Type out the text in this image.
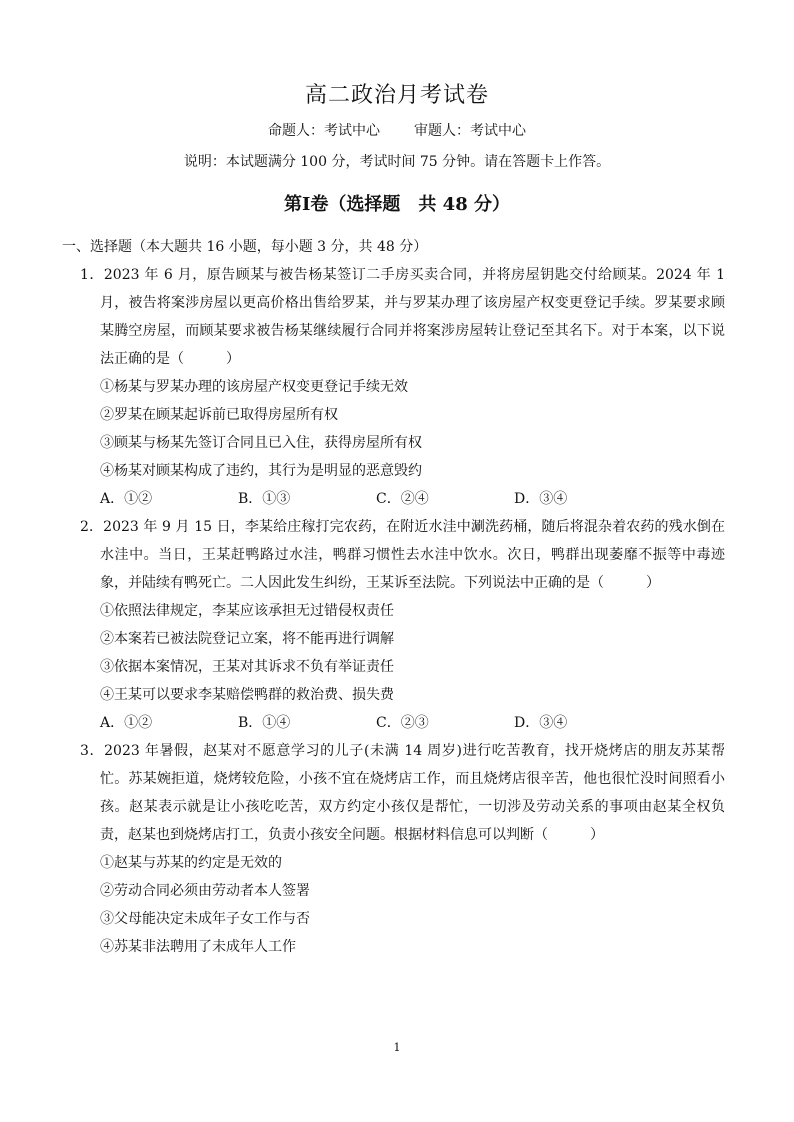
高二政治月考试卷
命题人：考试中心 审题人：考试中心
说明：本试题满分 100 分，考试时间 75 分钟。请在答题卡上作答。
第Ⅰ卷（选择题　共 48 分）
一、选择题（本大题共 16 小题，每小题 3 分，共 48 分）
1．2023 年 6 月，原告顾某与被告杨某签订二手房买卖合同，并将房屋钥匙交付给顾某。2024 年 1 月，被告将案涉房屋以更高价格出售给罗某，并与罗某办理了该房屋产权变更登记手续。罗某要求顾某腾空房屋，而顾某要求被告杨某继续履行合同并将案涉房屋转让登记至其名下。对于本案，以下说法正确的是（　　　）
①杨某与罗某办理的该房屋产权变更登记手续无效
②罗某在顾某起诉前已取得房屋所有权
③顾某与杨某先签订合同且已入住，获得房屋所有权
④杨某对顾某构成了违约，其行为是明显的恶意毁约
A．①②	B．①③	C．②④	D．③④
2．2023 年 9 月 15 日，李某给庄稼打完农药，在附近水洼中涮洗药桶，随后将混杂着农药的残水倒在水洼中。当日，王某赶鸭路过水洼，鸭群习惯性去水洼中饮水。次日，鸭群出现萎靡不振等中毒迹象，并陆续有鸭死亡。二人因此发生纠纷，王某诉至法院。下列说法中正确的是（　　　）
①依照法律规定，李某应该承担无过错侵权责任
②本案若已被法院登记立案，将不能再进行调解
③依据本案情况，王某对其诉求不负有举证责任
④王某可以要求李某赔偿鸭群的救治费、损失费
A．①②	B．①④	C．②③	D．③④
3．2023 年暑假，赵某对不愿意学习的儿子(未满 14 周岁)进行吃苦教育，找开烧烤店的朋友苏某帮忙。苏某婉拒道，烧烤较危险，小孩不宜在烧烤店工作，而且烧烤店很辛苦，他也很忙没时间照看小孩。赵某表示就是让小孩吃吃苦，双方约定小孩仅是帮忙，一切涉及劳动关系的事项由赵某全权负责，赵某也到烧烤店打工，负责小孩安全问题。根据材料信息可以判断（　　　）
①赵某与苏某的约定是无效的
②劳动合同必须由劳动者本人签署
③父母能决定未成年子女工作与否
④苏某非法聘用了未成年人工作
1
